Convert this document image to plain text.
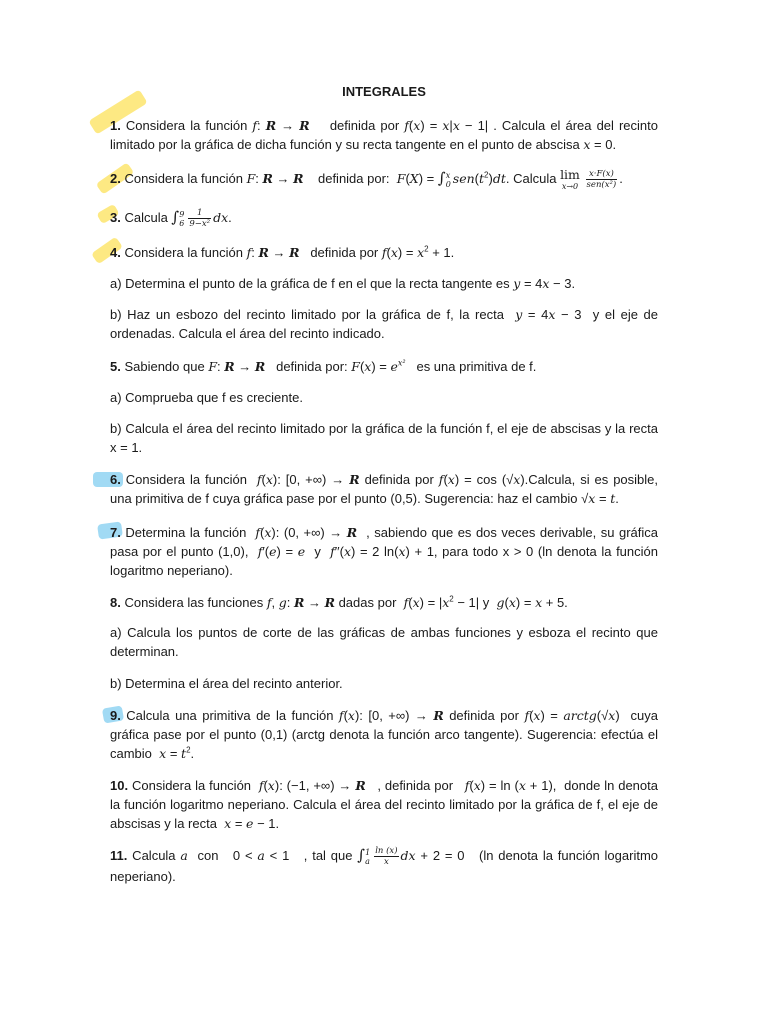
INTEGRALES
1. Considera la función f: R → R    definida por f(x) = x|x − 1| . Calcula el área del recinto limitado por la gráfica de dicha función y su recta tangente en el punto de abscisa x = 0.
2. Considera la función F: R → R    definida por:  F(X) = ∫ x
0 $sen(t^2)dt$. Calcula lim
x→0
$\frac{x\cdot F(x)}{\text{sen(x²)}}$ .
3. Calcula ∫ 9
$6 \frac{1}{\text{9−x²}}$ dx.
4. Considera la función f: R → R   definida por $f(x) = x^2 + 1$.
a) Determina el punto de la gráfica de f en el que la recta tangente es y = 4x − 3.
b) Haz un esbozo del recinto limitado por la gráfica de f, la recta  y = 4x − 3  y el eje de ordenadas. Calcula el área del recinto indicado.
5. Sabiendo que F: R → R   definida por: $F(x) = e^{x^2}$   es una primitiva de f.
a) Comprueba que f es creciente.
b) Calcula el área del recinto limitado por la gráfica de la función f, el eje de abscisas y la recta x = 1.
6. Considera la función  f(x): [0, +∞) → R definida por f(x) = cos (√x).Calcula, si es posible, una primitiva de f cuya gráfica pase por el punto (0,5). Sugerencia: haz el cambio √x = t.
7. Determina la función  f(x): (0, +∞) → R  , sabiendo que es dos veces derivable, su gráfica pasa por el punto (1,0),  f′(e) = e  y  f′′(x) = 2 ln(x) + 1, para todo x > 0 (ln denota la función logaritmo neperiano).
8. Considera las funciones f, g: R → R dadas por  $f(x) = |x^2 - 1|$ y  g(x) = x + 5.
a) Calcula los puntos de corte de las gráficas de ambas funciones y esboza el recinto que determinan.
b) Determina el área del recinto anterior.
9. Calcula una primitiva de la función f(x): [0, +∞) → R definida por f(x) = arctg(√x)  cuya gráfica pase por el punto (0,1) (arctg denota la función arco tangente). Sugerencia: efectúa el cambio  $x = t^2$.
10. Considera la función  f(x): (−1, +∞) → R   , definida por   f(x) = ln (x + 1),  donde ln denota la función logaritmo neperiano. Calcula el área del recinto limitado por la gráfica de f, el eje de abscisas y la recta  x = e − 1.
11. Calcula a  con   0 < a < 1   , tal que ∫ 1
a $\frac{\ln (x)}{x}$ dx + 2 = 0   (ln denota la función logaritmo neperiano).
